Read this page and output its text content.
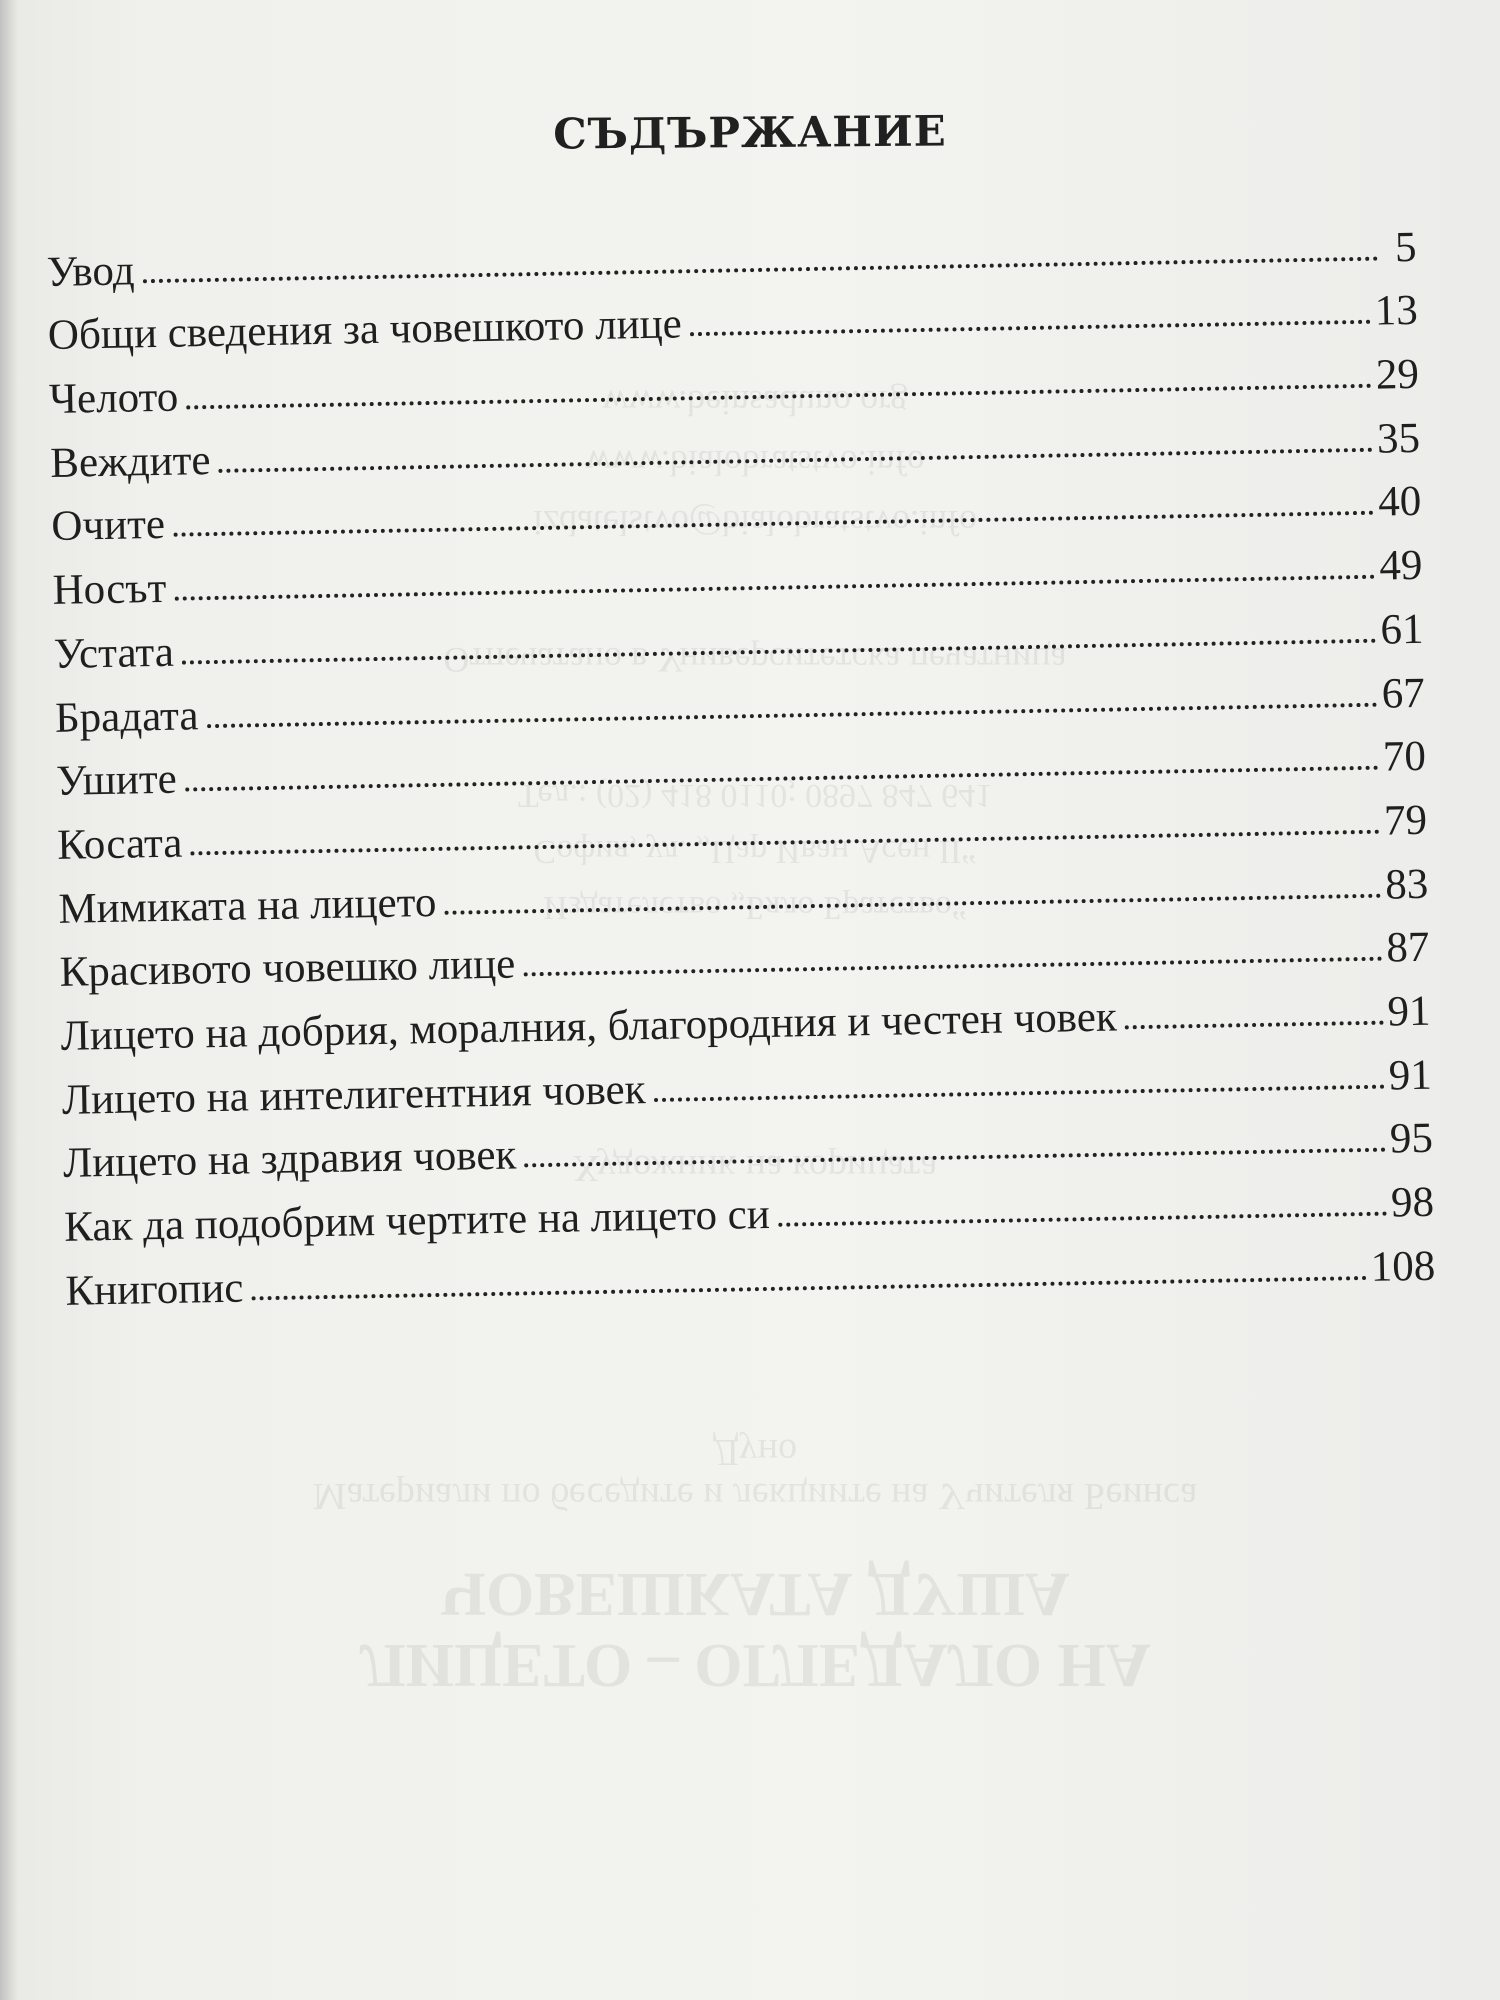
ЛИЦЕТО – ОГЛЕДАЛО НА ЧОВЕШКАТА ДУША
Материали по беседите и лекциите на Учителя Беинса Дуно
Художник на корицата
Издателство „Бяло Братство“
София, ул. „Цар Иван Асен II“
Тел.: (02) 418 0110; 0897 847 641
Отпечатано в Университетска печатница
izdatelstvo@bialobratstvo.info
www.bialobratstvo.info
www.beinsaduno.org
СЪДЪРЖАНИЕ
Увод	5
Общи сведения за човешкото лице	13
Челото	29
Веждите	35
Очите	40
Носът	49
Устата	61
Брадата	67
Ушите	70
Косата	79
Мимиката на лицето	83
Красивото човешко лице	87
Лицето на добрия, моралния, благородния и честен човек	91
Лицето на интелигентния човек	91
Лицето на здравия човек	95
Как да подобрим чертите на лицето си	98
Книгопис	108
